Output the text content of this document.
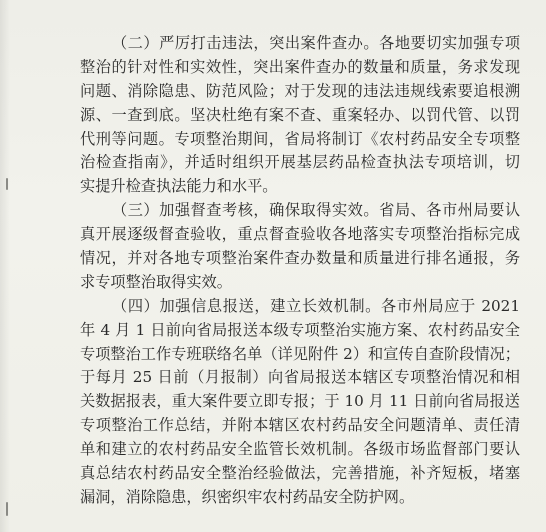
（二）严厉打击违法，突出案件查办。各地要切实加强专项
整治的针对性和实效性，突出案件查办的数量和质量，务求发现
问题、消除隐患、防范风险；对于发现的违法违规线索要追根溯
源、一查到底。坚决杜绝有案不查、重案轻办、以罚代管、以罚
代刑等问题。专项整治期间，省局将制订《农村药品安全专项整
治检查指南》，并适时组织开展基层药品检查执法专项培训，切
实提升检查执法能力和水平。
（三）加强督查考核，确保取得实效。省局、各市州局要认
真开展逐级督查验收，重点督查验收各地落实专项整治指标完成
情况，并对各地专项整治案件查办数量和质量进行排名通报，务
求专项整治取得实效。
（四）加强信息报送，建立长效机制。各市州局应于 2021
年 4 月 1 日前向省局报送本级专项整治实施方案、农村药品安全
专项整治工作专班联络名单（详见附件 2）和宣传自查阶段情况；
于每月 25 日前（月报制）向省局报送本辖区专项整治情况和相
关数据报表，重大案件要立即专报；于 10 月 11 日前向省局报送
专项整治工作总结，并附本辖区农村药品安全问题清单、责任清
单和建立的农村药品安全监管长效机制。各级市场监督部门要认
真总结农村药品安全整治经验做法，完善措施，补齐短板，堵塞
漏洞，消除隐患，织密织牢农村药品安全防护网。
